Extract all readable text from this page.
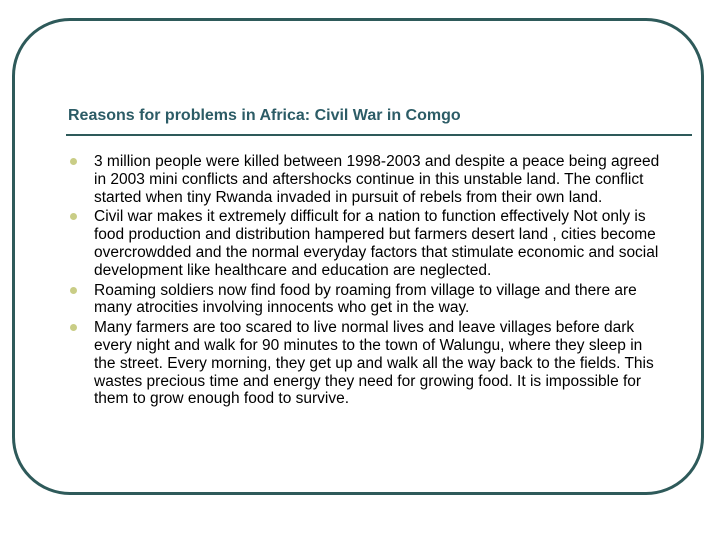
Reasons for problems in Africa: Civil War in Comgo
3 million people were killed between 1998-2003 and despite a peace being agreed in 2003 mini conflicts and aftershocks continue in this unstable land. The conflict started when tiny Rwanda invaded in pursuit of rebels from their own land.
Civil war makes it extremely difficult for a nation to function effectively Not only is food production and distribution hampered but farmers desert land , cities become overcrowdded and the normal everyday factors that stimulate economic and social development like healthcare and education are neglected.
Roaming soldiers now find food by roaming from village to village and there are many atrocities involving innocents who get in the way.
Many farmers are too scared to live normal lives and leave villages before dark every night and walk for 90 minutes to the town of Walungu, where they sleep in the street. Every morning, they get up and walk all the way back to the fields. This wastes precious time and energy they need for growing food. It is impossible for them to grow enough food to survive.
